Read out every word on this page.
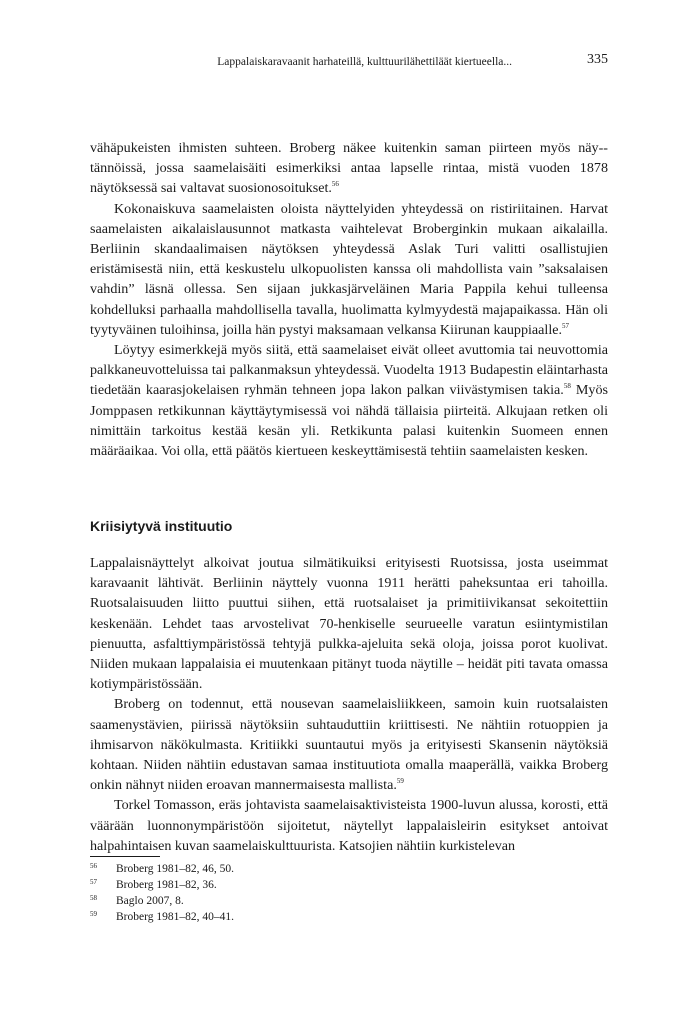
Lappalaiskaravaanit harhateillä, kulttuurilähettiläät kiertueella...	335

vähäpukeisten ihmisten suhteen. Broberg näkee kuitenkin saman piirteen myös näy-tännöissä, jossa saamelaisäiti esimerkiksi antaa lapselle rintaa, mistä vuoden 1878 näytöksessä sai valtavat suosionosoitukset.$^{56}$

Kokonaiskuva saamelaisten oloista näyttelyiden yhteydessä on ristiriitainen. Harvat saamelaisten aikalaislausunnot matkasta vaihtelevat Broberginkin mukaan aikalailla. Berliinin skandaalimaisen näytöksen yhteydessä Aslak Turi valitti osallistujien eristämisestä niin, että keskustelu ulkopuolisten kanssa oli mahdollista vain ”saksalaisen vahdin” läsnä ollessa. Sen sijaan jukkasjärveläinen Maria Pappila kehui tulleensa kohdelluksi parhaalla mahdollisella tavalla, huolimatta kylmyydestä majapaikassa. Hän oli tyytyväinen tuloihinsa, joilla hän pystyi maksamaan velkansa Kiirunan kauppiaalle.$^{57}$

Löytyy esimerkkejä myös siitä, että saamelaiset eivät olleet avuttomia tai neuvottomia palkkaneuvotteluissa tai palkanmaksun yhteydessä. Vuodelta 1913 Budapestin eläintarhasta tiedetään kaarasjokelaisen ryhmän tehneen jopa lakon palkan viivästymisen takia.$^{58}$ Myös Jomppasen retkikunnan käyttäytymisessä voi nähdä tällaisia piirteitä. Alkujaan retken oli nimittäin tarkoitus kestää kesän yli. Retkikunta palasi kuitenkin Suomeen ennen määräaikaa. Voi olla, että päätös kiertueen keskeyttämisestä tehtiin saamelaisten kesken.

Kriisiytyvä instituutio

Lappalaisnäyttelyt alkoivat joutua silmätikuiksi erityisesti Ruotsissa, josta useimmat karavaanit lähtivät. Berliinin näyttely vuonna 1911 herätti paheksuntaa eri tahoilla. Ruotsalaisuuden liitto puuttui siihen, että ruotsalaiset ja primitiivikansat sekoitettiin keskenään. Lehdet taas arvostelivat 70-henkiselle seurueelle varatun esiintymistilan pienuutta, asfalttiympäristössä tehtyjä pulkka-ajeluita sekä oloja, joissa porot kuolivat. Niiden mukaan lappalaisia ei muutenkaan pitänyt tuoda näytille – heidät piti tavata omassa kotiympäristössään.

Broberg on todennut, että nousevan saamelaisliikkeen, samoin kuin ruotsalaisten saamenystävien, piirissä näytöksiin suhtauduttiin kriittisesti. Ne nähtiin rotuoppien ja ihmisarvon näkökulmasta. Kritiikki suuntautui myös ja erityisesti Skansenin näytöksiä kohtaan. Niiden nähtiin edustavan samaa instituutiota omalla maaperällä, vaikka Broberg onkin nähnyt niiden eroavan mannermaisesta mallista.$^{59}$

Torkel Tomasson, eräs johtavista saamelaisaktivisteista 1900-luvun alussa, korosti, että väärään luonnonympäristöön sijoitetut, näytellyt lappalaisleirin esitykset antoivat halpahintaisen kuvan saamelaiskulttuurista. Katsojien nähtiin kurkistelevan

56 Broberg 1981–82, 46, 50.
57 Broberg 1981–82, 36.
58 Baglo 2007, 8.
59 Broberg 1981–82, 40–41.
